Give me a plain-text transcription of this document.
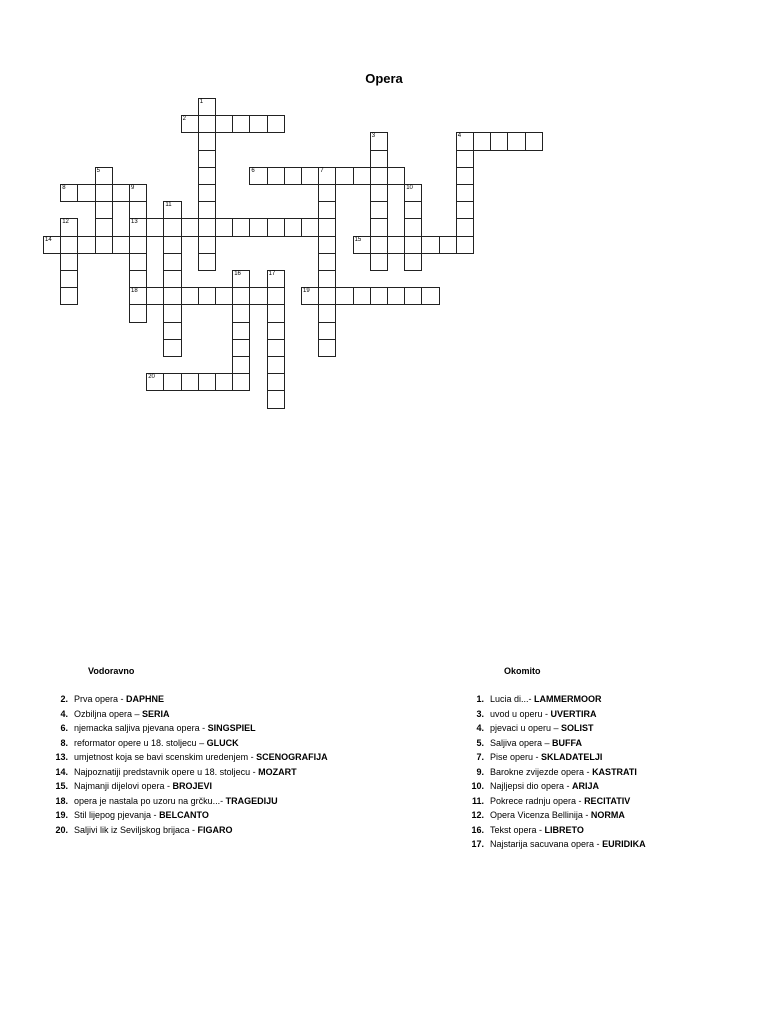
Opera
1
2
3	4
5	6	7
8	9
13
18
10
11
12
14	15
16	17
19
20
Vodoravno
2. Prva opera - DAPHNE
4. Ozbiljna opera – SERIA
6. njemacka saljiva pjevana opera - SINGSPIEL
8. reformator opere u 18. stoljecu – GLUCK
13. umjetnost koja se bavi scenskim uredenjem - SCENOGRAFIJA
14. Najpoznatiji predstavnik opere u 18. stoljecu - MOZART
15. Najmanji dijelovi opera - BROJEVI
18. opera je nastala po uzoru na grčku...- TRAGEDIJU
19. Stil lijepog pjevanja - BELCANTO
20. Saljivi lik iz Seviljskog brijaca - FIGARO
Okomito
1. Lucia di...- LAMMERMOOR
3. uvod u operu - UVERTIRA
4. pjevaci u operu – SOLIST
5. Saljiva opera – BUFFA
7. Pise operu - SKLADATELJI
9. Barokne zvijezde opera - KASTRATI
10. Najljepsi dio opera - ARIJA
11. Pokrece radnju opera - RECITATIV
12. Opera Vicenza Bellinija - NORMA
16. Tekst opera - LIBRETO
17. Najstarija sacuvana opera - EURIDIKA
